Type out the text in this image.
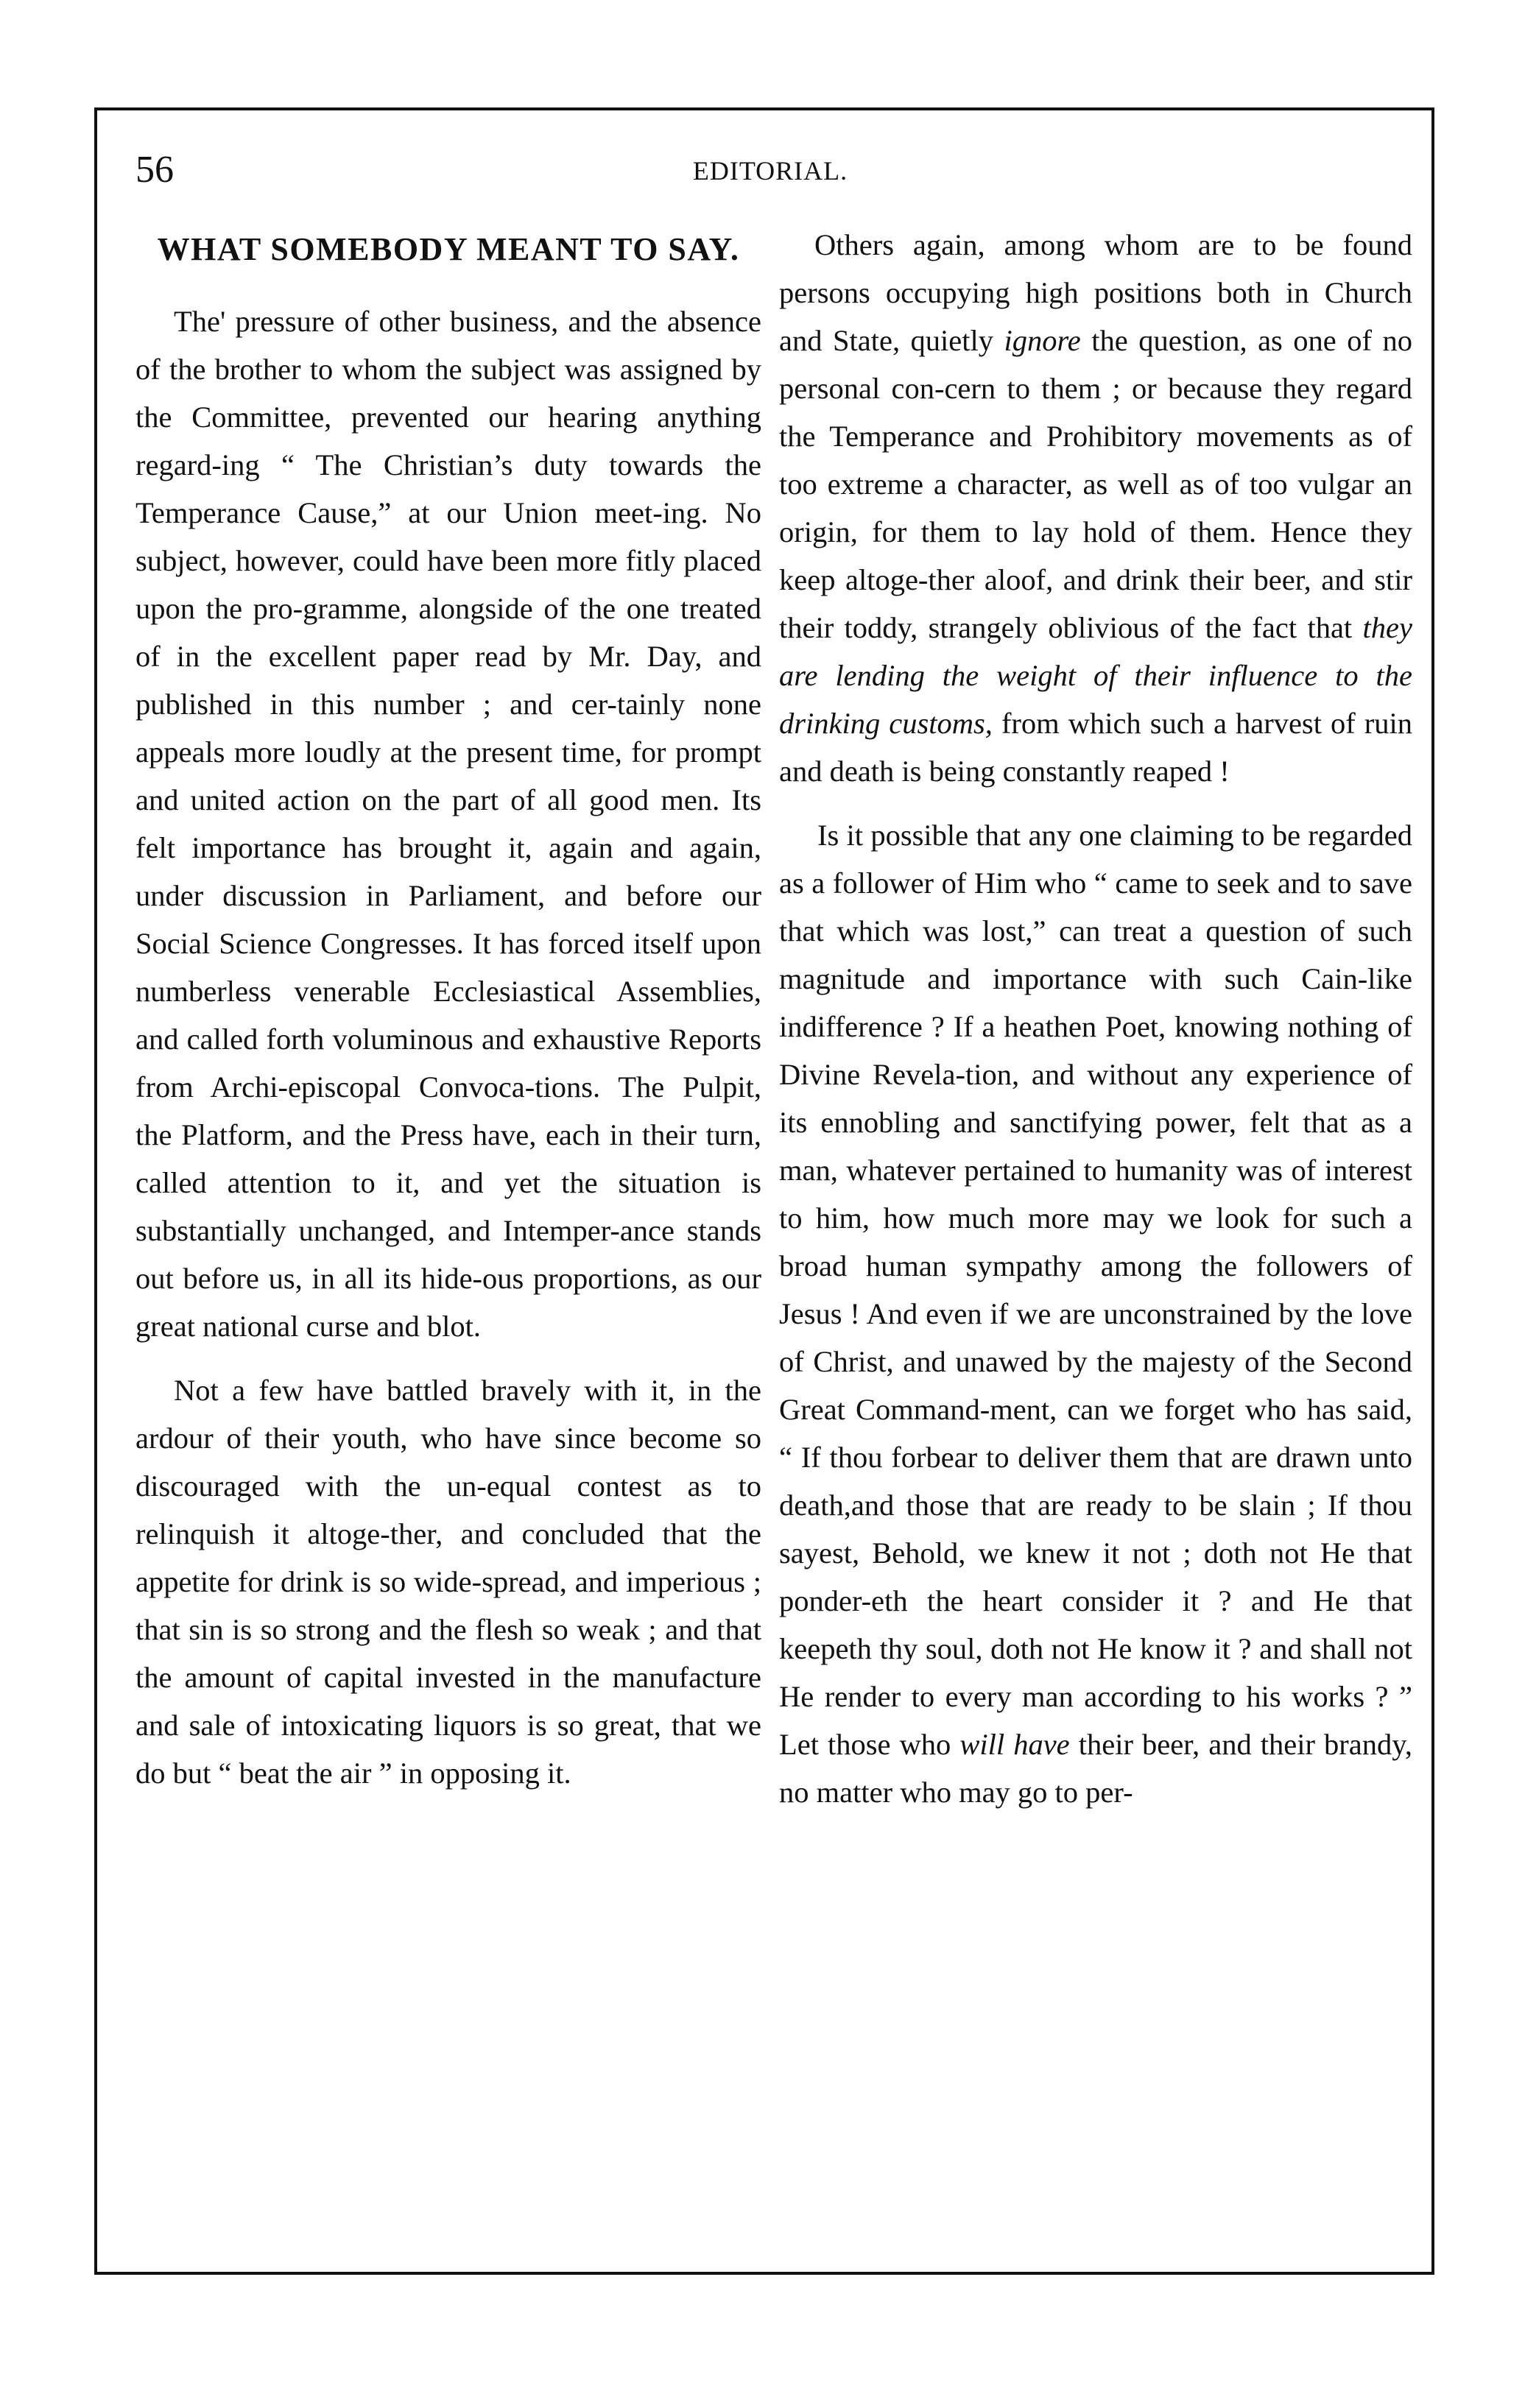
56	EDITORIAL.
WHAT SOMEBODY MEANT TO SAY.

The' pressure of other business, and the absence of the brother to whom the subject was assigned by the Committee, prevented our hearing anything regard-ing “ The Christian’s duty towards the Temperance Cause,” at our Union meet-ing. No subject, however, could have been more fitly placed upon the pro-gramme, alongside of the one treated of in the excellent paper read by Mr. Day, and published in this number ; and cer-tainly none appeals more loudly at the present time, for prompt and united action on the part of all good men. Its felt importance has brought it, again and again, under discussion in Parliament, and before our Social Science Congresses. It has forced itself upon numberless venerable Ecclesiastical Assemblies, and called forth voluminous and exhaustive Reports from Archi-episcopal Convoca-tions. The Pulpit, the Platform, and the Press have, each in their turn, called attention to it, and yet the situation is substantially unchanged, and Intemper-ance stands out before us, in all its hide-ous proportions, as our great national curse and blot.

Not a few have battled bravely with it, in the ardour of their youth, who have since become so discouraged with the un-equal contest as to relinquish it altoge-ther, and concluded that the appetite for drink is so wide-spread, and imperious ; that sin is so strong and the flesh so weak ; and that the amount of capital invested in the manufacture and sale of intoxicating liquors is so great, that we do but “ beat the air ” in opposing it.

Others again, among whom are to be found persons occupying high positions both in Church and State, quietly ignore the question, as one of no personal con-cern to them ; or because they regard the Temperance and Prohibitory movements as of too extreme a character, as well as of too vulgar an origin, for them to lay hold of them. Hence they keep altoge-ther aloof, and drink their beer, and stir their toddy, strangely oblivious of the fact that they are lending the weight of their influence to the drinking customs, from which such a harvest of ruin and death is being constantly reaped !

Is it possible that any one claiming to be regarded as a follower of Him who “ came to seek and to save that which was lost,” can treat a question of such magnitude and importance with such Cain-like indifference ? If a heathen Poet, knowing nothing of Divine Revela-tion, and without any experience of its ennobling and sanctifying power, felt that as a man, whatever pertained to humanity was of interest to him, how much more may we look for such a broad human sympathy among the followers of Jesus ! And even if we are unconstrained by the love of Christ, and unawed by the majesty of the Second Great Command-ment, can we forget who has said, “ If thou forbear to deliver them that are drawn unto death,and those that are ready to be slain ; If thou sayest, Behold, we knew it not ; doth not He that ponder-eth the heart consider it ? and He that keepeth thy soul, doth not He know it ? and shall not He render to every man according to his works ? ” Let those who will have their beer, and their brandy, no matter who may go to per-
